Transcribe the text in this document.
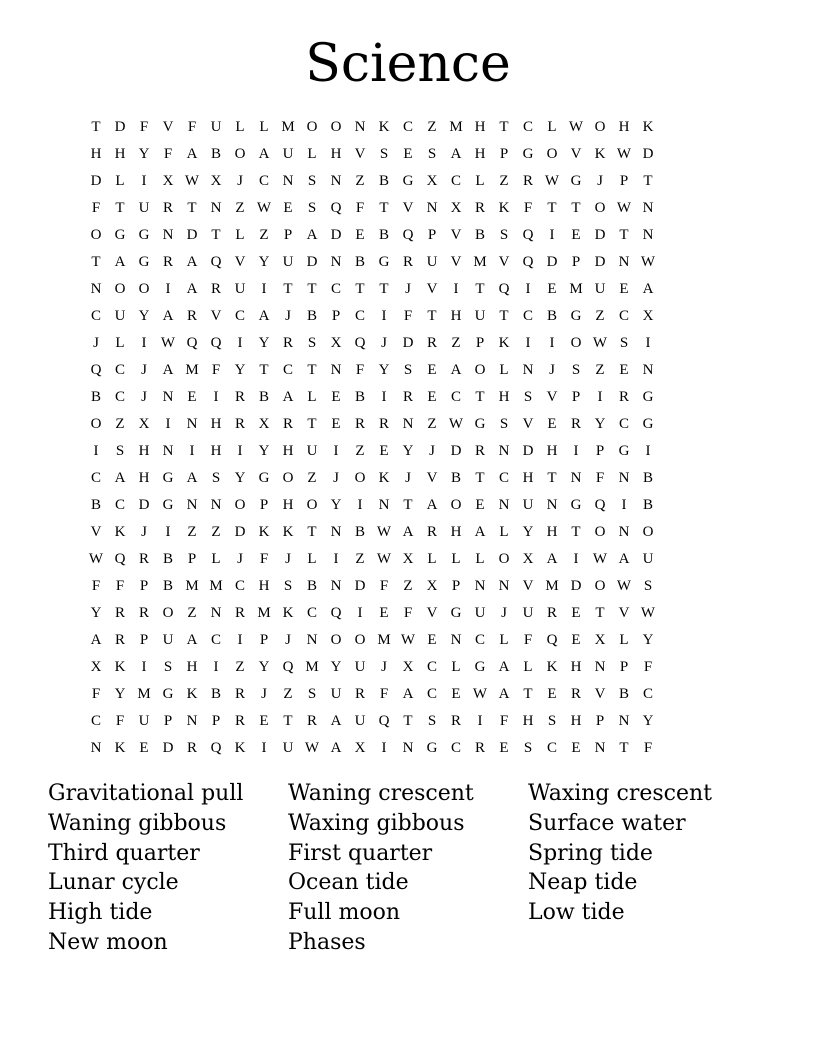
Science
T D F V F U L L M O O N K C Z M H T C L W O H K
H H Y F A B O A U L H V S	E	S A H P G O V K W D
D L	I	X W X	J	C N S N Z B G X C L Z R W G	J	P	T
F	T U R T N Z W E	S Q F	T V N X R K F	T T O W N
O G G N D T L Z	P A D E B Q P V B S Q	I	E D T N
T A G R A Q V Y U D N B G R U V M V Q D P D N W
N O O	I	A R U	I	T T C T T	J	V	I	T Q	I	E M U E A
C U Y A R V C A	J	B P C	I	F	T H U T C B G Z C X
J	L	I W Q Q	I	Y R S X Q	J	D R Z	P K	I	I	O W S	I
Q C	J	A M F Y T C T N F Y S	E A O L N	J	S	Z E N
B C	J	N E	I	R B A L E B	I	R E C T H S V P	I	R G
O Z X	I	N H R X R T E R R N Z W G S V E R Y C G
I	S H N	I	H	I	Y H U	I	Z E Y	J	D R N D H	I	P G	I
C A H G A S Y G O Z	J	O K	J	V B T C H T N F N B
B C D G N N O P H O Y	I	N T A O E N U N G Q	I	B
V K	J	I	Z Z D K K T N B W A R H A L Y H T O N O
W Q R B P	L	J	F	J	L	I	Z W X L L L O X A	I W A U
F	F	P B M M C H S B N D F	Z X P N N V M D O W S
Y R R O Z N R M K C Q	I	E	F V G U	J	U R E T V W
A R P U A C	I	P	J	N O O M W E N C L	F Q E X L Y
X K	I	S H	I	Z Y Q M Y U	J	X C L G A L K H N P	F
F Y M G K B R	J	Z	S U R F A C E W A T E R V B C
C F U P N P R E T R A U Q T	S R	I	F H S H P N Y
N K E D R Q K	I	U W A X	I	N G C R E	S C E N T	F
Gravitational pull
Waning gibbous
Third quarter
Lunar cycle
High tide
New moon
Waning crescent
Waxing gibbous
First quarter
Ocean tide
Full moon
Phases
Waxing crescent
Surface water
Spring tide
Neap tide
Low tide
